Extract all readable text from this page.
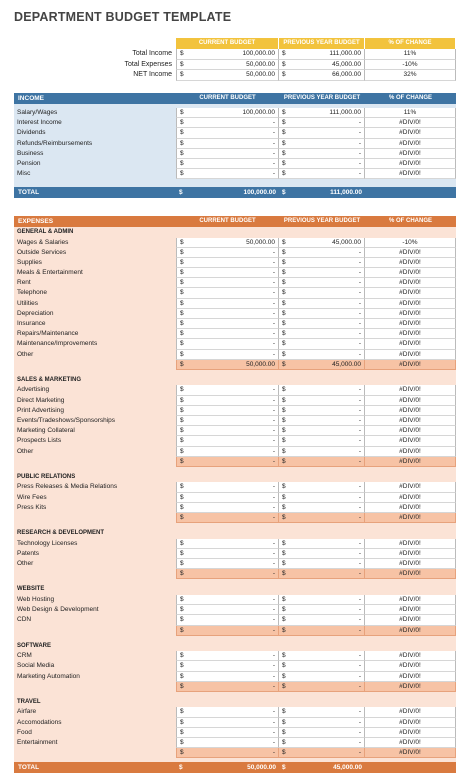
DEPARTMENT BUDGET TEMPLATE
CURRENT BUDGET	PREVIOUS YEAR BUDGET	% OF CHANGE
Total Income	$	100,000.00 $	111,000.00	11%
Total Expenses	$	50,000.00 $	45,000.00	-10%
NET Income	$	50,000.00 $	66,000.00	32%
INCOME	CURRENT BUDGET	PREVIOUS YEAR BUDGET	% OF CHANGE
Salary/Wages	$	100,000.00 $	111,000.00	11%
Interest Income	$	- $	-	#DIV/0!
Dividends	$	- $	-	#DIV/0!
Refunds/Reimbursements	$	- $	-	#DIV/0!
Business	$	- $	-	#DIV/0!
Pension	$	- $	-	#DIV/0!
Misc	$	- $	-	#DIV/0!
TOTAL	$	100,000.00 $	111,000.00
EXPENSES	CURRENT BUDGET	PREVIOUS YEAR BUDGET	% OF CHANGE
GENERAL & ADMIN
Wages & Salaries	$	50,000.00 $	45,000.00	-10%
Outside Services	$	- $	-	#DIV/0!
Supplies	$	- $	-	#DIV/0!
Meals & Entertainment	$	- $	-	#DIV/0!
Rent	$	- $	-	#DIV/0!
Telephone	$	- $	-	#DIV/0!
Utilities	$	- $	-	#DIV/0!
Depreciation	$	- $	-	#DIV/0!
Insurance	$	- $	-	#DIV/0!
Repairs/Maintenance	$	- $	-	#DIV/0!
Maintenance/Improvements	$	- $	-	#DIV/0!
Other	$	- $	-	#DIV/0!
$	50,000.00 $	45,000.00	#DIV/0!
SALES & MARKETING
Advertising	$	- $	-	#DIV/0!
Direct Marketing	$	- $	-	#DIV/0!
Print Advertising	$	- $	-	#DIV/0!
Events/Tradeshows/Sponsorships	$	- $	-	#DIV/0!
Marketing Collateral	$	- $	-	#DIV/0!
Prospects Lists	$	- $	-	#DIV/0!
Other	$	- $	-	#DIV/0!
$	- $	-	#DIV/0!
PUBLIC RELATIONS
Press Releases & Media Relations	$	- $	-	#DIV/0!
Wire Fees	$	- $	-	#DIV/0!
Press Kits	$	- $	-	#DIV/0!
$	- $	-	#DIV/0!
RESEARCH & DEVELOPMENT
Technology Licenses	$	- $	-	#DIV/0!
Patents	$	- $	-	#DIV/0!
Other	$	- $	-	#DIV/0!
$	- $	-	#DIV/0!
WEBSITE
Web Hosting	$	- $	-	#DIV/0!
Web Design & Development	$	- $	-	#DIV/0!
CDN	$	- $	-	#DIV/0!
$	- $	-	#DIV/0!
SOFTWARE
CRM	$	- $	-	#DIV/0!
Social Media	$	- $	-	#DIV/0!
Marketing Automation	$	- $	-	#DIV/0!
$	- $	-	#DIV/0!
TRAVEL
Airfare	$	- $	-	#DIV/0!
Accomodations	$	- $	-	#DIV/0!
Food	$	- $	-	#DIV/0!
Entertainment	$	- $	-	#DIV/0!
$	- $	-	#DIV/0!
TOTAL	$	50,000.00 $	45,000.00
